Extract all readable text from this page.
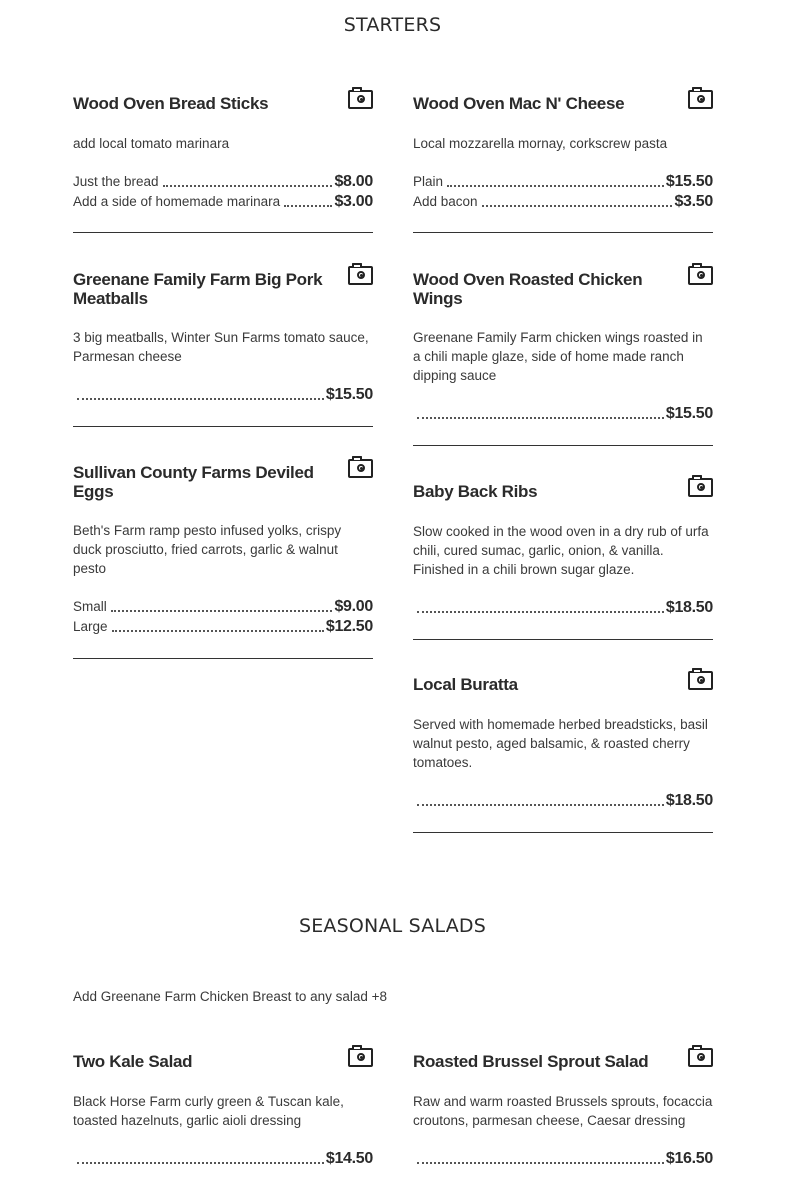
STARTERS
Wood Oven Bread Sticks

add local tomato marinara

Just the bread	$8.00
Add a side of homemade marinara	$3.00
Greenane Family Farm Big Pork Meatballs

3 big meatballs, Winter Sun Farms tomato sauce, Parmesan cheese

$15.50
Sullivan County Farms Deviled Eggs

Beth's Farm ramp pesto infused yolks, crispy duck prosciutto, fried carrots, garlic & walnut pesto

Small	$9.00
Large	$12.50
Wood Oven Mac N' Cheese

Local mozzarella mornay, corkscrew pasta

Plain	$15.50
Add bacon	$3.50
Wood Oven Roasted Chicken Wings

Greenane Family Farm chicken wings roasted in a chili maple glaze, side of home made ranch dipping sauce

$15.50
Baby Back Ribs

Slow cooked in the wood oven in a dry rub of urfa chili, cured sumac, garlic, onion, & vanilla. Finished in a chili brown sugar glaze.

$18.50
Local Buratta

Served with homemade herbed breadsticks, basil walnut pesto, aged balsamic, & roasted cherry tomatoes.

$18.50
SEASONAL SALADS
Add Greenane Farm Chicken Breast to any salad +8
Two Kale Salad

Black Horse Farm curly green & Tuscan kale, toasted hazelnuts, garlic aioli dressing

$14.50
Roasted Brussel Sprout Salad

Raw and warm roasted Brussels sprouts, focaccia croutons, parmesan cheese, Caesar dressing

$16.50
